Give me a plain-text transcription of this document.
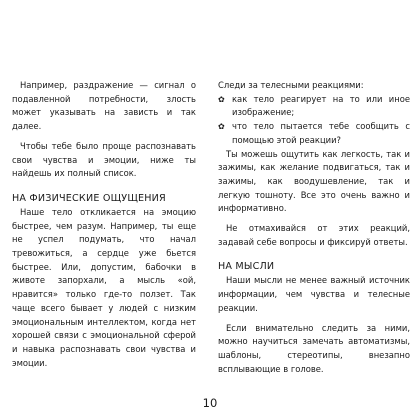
Например, раздражение — сигнал о подавленной потребности, злость может указывать на зависть и так далее.

Чтобы тебе было проще распознавать свои чувства и эмоции, ниже ты найдешь их полный список.

НА ФИЗИЧЕСКИЕ ОЩУЩЕНИЯ

Наше тело откликается на эмоцию быстрее, чем разум. Например, ты еще не успел подумать, что начал тревожиться, а сердце уже бьется быстрее. Или, допустим, бабочки в животе запорхали, а мысль «ой, нравится» только где-то ползет. Так чаще всего бывает у людей с низким эмоциональным интеллектом, когда нет хорошей связи с эмоциональной сферой и навыка распознавать свои чувства и эмоции.

Следи за телесными реакциями:

✿ как тело реагирует на то или иное изображение;
✿ что тело пытается тебе сообщить с помощью этой реакции?

Ты можешь ощутить как легкость, так и зажимы, как желание подвигаться, так и зажимы, как воодушевление, так и легкую тошноту. Все это очень важно и информативно.

Не отмахивайся от этих реакций, задавай себе вопросы и фиксируй ответы.

НА МЫСЛИ

Наши мысли не менее важный источник информации, чем чувства и телесные реакции.

Если внимательно следить за ними, можно научиться замечать автоматизмы, шаблоны, стереотипы, внезапно всплывающие в голове.

10
